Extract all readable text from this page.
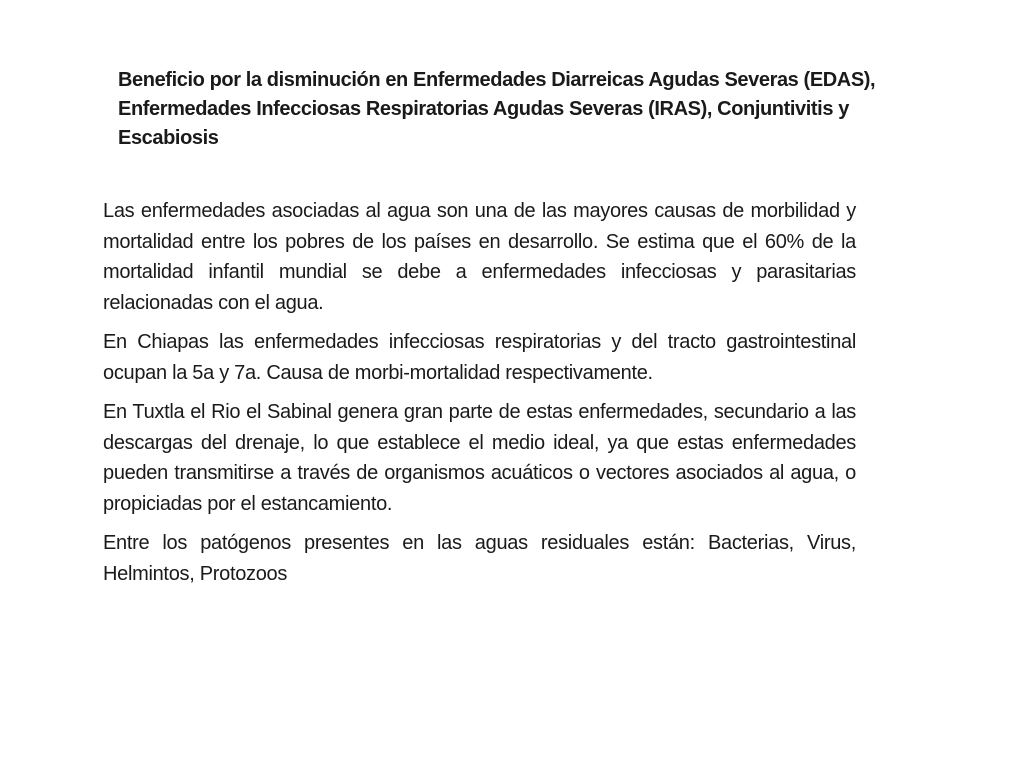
Beneficio por la disminución en Enfermedades Diarreicas Agudas Severas (EDAS), Enfermedades Infecciosas Respiratorias Agudas Severas (IRAS), Conjuntivitis y Escabiosis

Las enfermedades asociadas al agua son una de las mayores causas de morbilidad y mortalidad entre los pobres de los países en desarrollo. Se estima que el 60% de la mortalidad infantil mundial se debe a enfermedades infecciosas y parasitarias relacionadas con el agua.

En Chiapas las enfermedades infecciosas respiratorias y del tracto gastrointestinal ocupan la 5a y 7a. Causa de morbi-mortalidad respectivamente.

En Tuxtla el Rio el Sabinal genera gran parte de estas enfermedades, secundario a las descargas del drenaje, lo que establece el medio ideal, ya que estas enfermedades pueden transmitirse a través de organismos acuáticos o vectores asociados al agua, o propiciadas por el estancamiento.

Entre los patógenos presentes en las aguas residuales están: Bacterias, Virus, Helmintos, Protozoos
